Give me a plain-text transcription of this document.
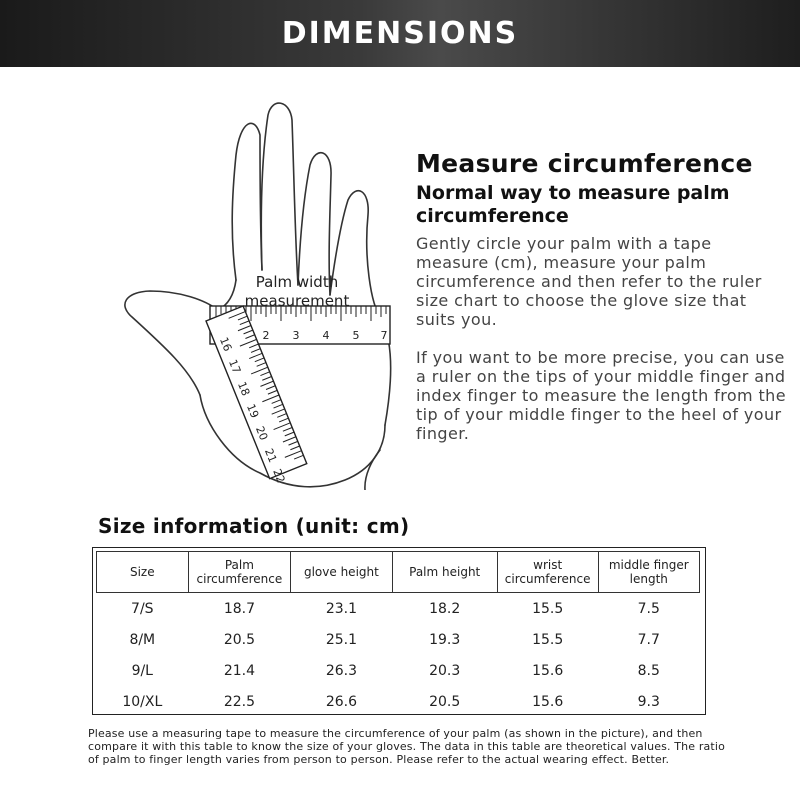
DIMENSIONS
2 3 4 5 7
Palm width
measurement
16
17
18
19
20
21
22

Measure circumference

Normal way to measure palm circumference

Gently circle your palm with a tape measure (cm), measure your palm circumference and then refer to the ruler size chart to choose the glove size that suits you.

If you want to be more precise, you can use a ruler on the tips of your middle finger and index finger to measure the length from the tip of your middle finger to the heel of your finger.

Size information (unit: cm)

Size	Palm circumference	glove height	Palm height	wrist circumference	middle finger length
7/S	18.7	23.1	18.2	15.5	7.5
8/M	20.5	25.1	19.3	15.5	7.7
9/L	21.4	26.3	20.3	15.6	8.5
10/XL	22.5	26.6	20.5	15.6	9.3

Please use a measuring tape to measure the circumference of your palm (as shown in the picture), and then compare it with this table to know the size of your gloves. The data in this table are theoretical values. The ratio of palm to finger length varies from person to person. Please refer to the actual wearing effect. Better.
